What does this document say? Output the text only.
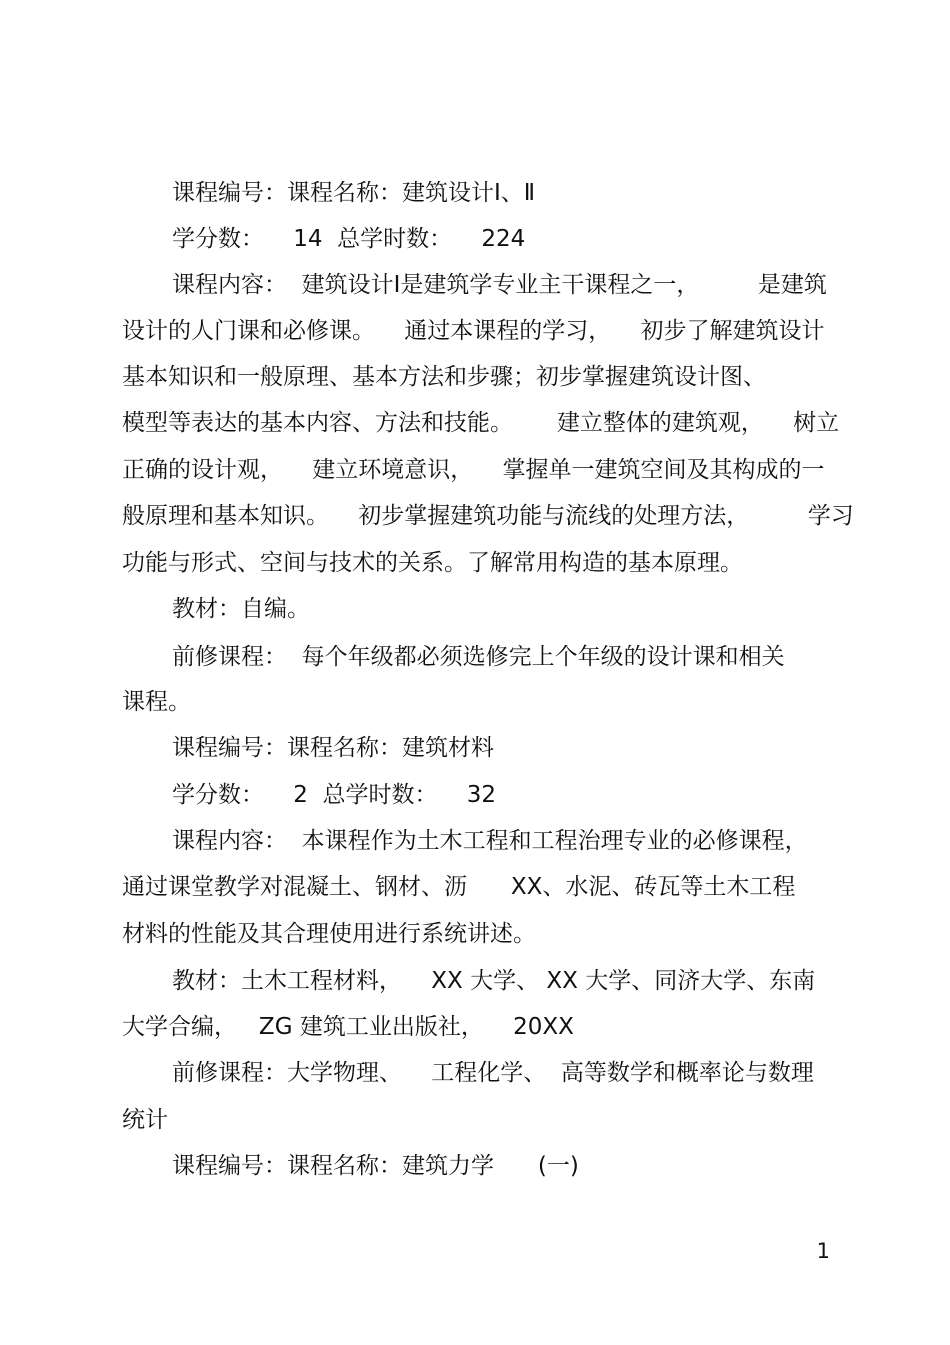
课程编号：课程名称：建筑设计Ⅰ、Ⅱ
学分数：    14  总学时数：    224
课程内容：  建筑设计Ⅰ是建筑学专业主干课程之一，        是建筑
设计的人门课和必修课。    通过本课程的学习，    初步了解建筑设计
基本知识和一般原理、基本方法和步骤；初步掌握建筑设计图、
模型等表达的基本内容、方法和技能。      建立整体的建筑观，    树立
正确的设计观，    建立环境意识，    掌握单一建筑空间及其构成的一
般原理和基本知识。    初步掌握建筑功能与流线的处理方法，        学习
功能与形式、空间与技术的关系。了解常用构造的基本原理。
教材：自编。
前修课程：  每个年级都必须选修完上个年级的设计课和相关
课程。
课程编号：课程名称：建筑材料
学分数：    2  总学时数：    32
课程内容：  本课程作为土木工程和工程治理专业的必修课程，
通过课堂教学对混凝土、钢材、沥      XX、水泥、砖瓦等土木工程
材料的性能及其合理使用进行系统讲述。
教材：土木工程材料，    XX 大学、 XX 大学、同济大学、东南
大学合编，   ZG 建筑工业出版社，    20XX
前修课程：大学物理、    工程化学、  高等数学和概率论与数理
统计
课程编号：课程名称：建筑力学      (一)
1
